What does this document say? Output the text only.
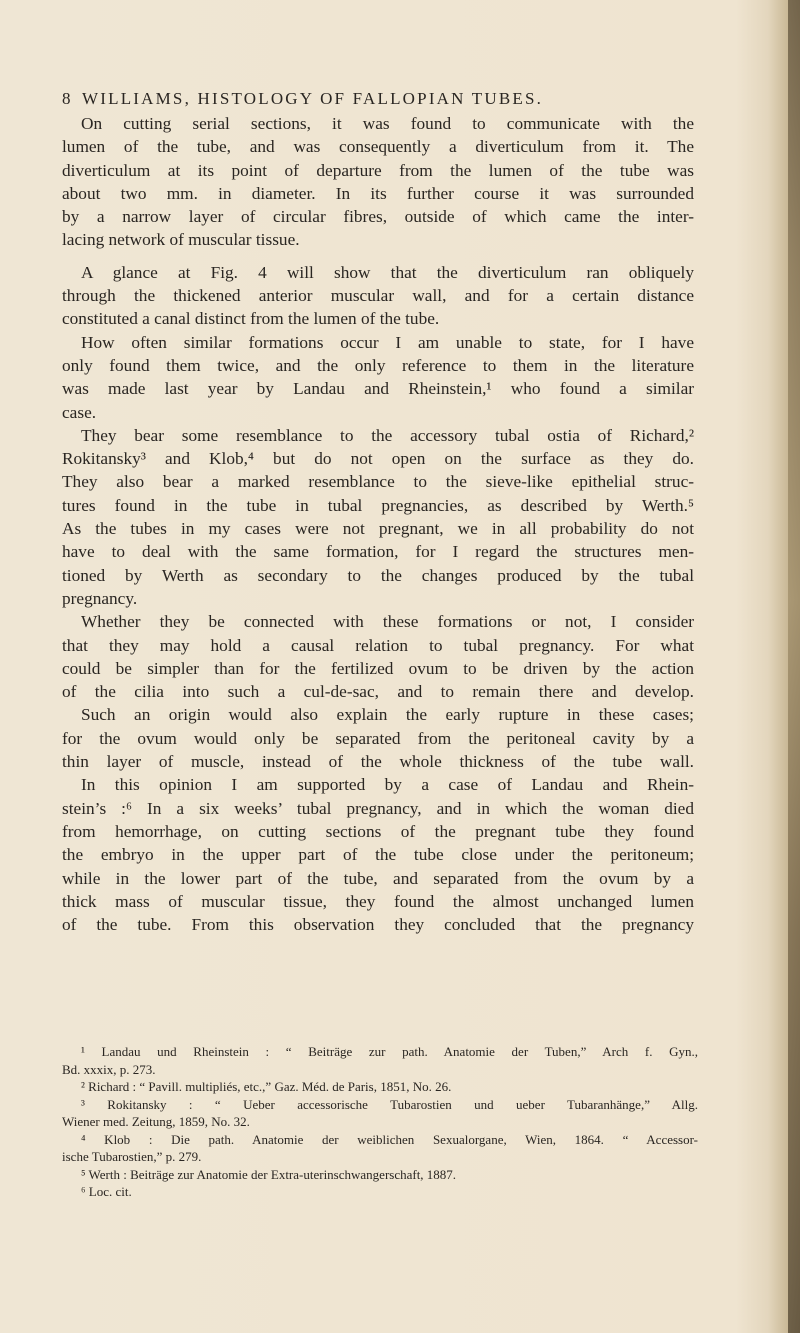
8 WILLIAMS, HISTOLOGY OF FALLOPIAN TUBES.
On cutting serial sections, it was found to communicate with the
lumen of the tube, and was consequently a diverticulum from it. The
diverticulum at its point of departure from the lumen of the tube was
about two mm. in diameter. In its further course it was surrounded
by a narrow layer of circular fibres, outside of which came the inter-
lacing network of muscular tissue.
A glance at Fig. 4 will show that the diverticulum ran obliquely
through the thickened anterior muscular wall, and for a certain distance
constituted a canal distinct from the lumen of the tube.
How often similar formations occur I am unable to state, for I have
only found them twice, and the only reference to them in the literature
was made last year by Landau and Rheinstein,¹ who found a similar
case.
They bear some resemblance to the accessory tubal ostia of Richard,²
Rokitansky³ and Klob,⁴ but do not open on the surface as they do.
They also bear a marked resemblance to the sieve-like epithelial struc-
tures found in the tube in tubal pregnancies, as described by Werth.⁵
As the tubes in my cases were not pregnant, we in all probability do not
have to deal with the same formation, for I regard the structures men-
tioned by Werth as secondary to the changes produced by the tubal
pregnancy.
Whether they be connected with these formations or not, I consider
that they may hold a causal relation to tubal pregnancy. For what
could be simpler than for the fertilized ovum to be driven by the action
of the cilia into such a cul-de-sac, and to remain there and develop.
Such an origin would also explain the early rupture in these cases;
for the ovum would only be separated from the peritoneal cavity by a
thin layer of muscle, instead of the whole thickness of the tube wall.
In this opinion I am supported by a case of Landau and Rhein-
stein’s :⁶ In a six weeks’ tubal pregnancy, and in which the woman died
from hemorrhage, on cutting sections of the pregnant tube they found
the embryo in the upper part of the tube close under the peritoneum;
while in the lower part of the tube, and separated from the ovum by a
thick mass of muscular tissue, they found the almost unchanged lumen
of the tube. From this observation they concluded that the pregnancy
¹ Landau und Rheinstein : “ Beiträge zur path. Anatomie der Tuben,” Arch f. Gyn.,
Bd. xxxix, p. 273.
² Richard : “ Pavill. multipliés, etc.,” Gaz. Méd. de Paris, 1851, No. 26.
³ Rokitansky : “ Ueber accessorische Tubarostien und ueber Tubaranhänge,” Allg.
Wiener med. Zeitung, 1859, No. 32.
⁴ Klob : Die path. Anatomie der weiblichen Sexualorgane, Wien, 1864. “ Accessor-
ische Tubarostien,” p. 279.
⁵ Werth : Beiträge zur Anatomie der Extra-uterinschwangerschaft, 1887.
⁶ Loc. cit.
